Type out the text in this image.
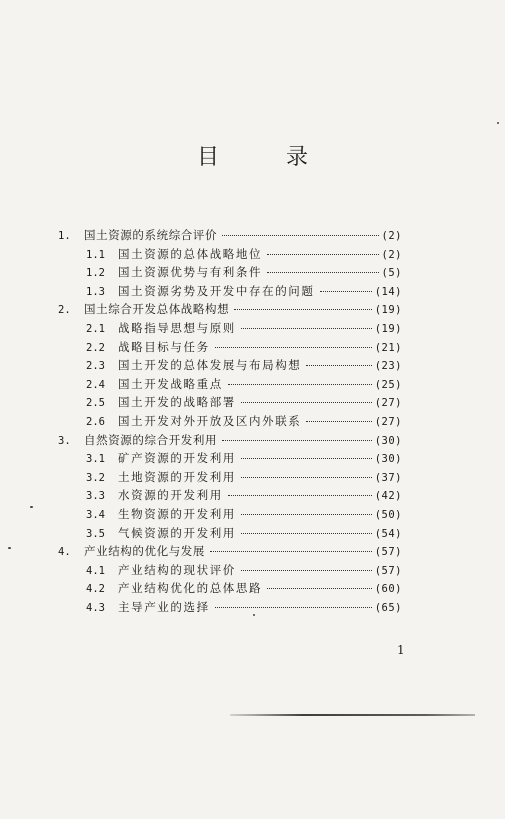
目 录
1.	国土资源的系统综合评价	(2)
1.1	国土资源的总体战略地位	(2)
1.2	国土资源优势与有利条件	(5)
1.3	国土资源劣势及开发中存在的问题	(14)
2.	国土综合开发总体战略构想	(19)
2.1	战略指导思想与原则	(19)
2.2	战略目标与任务	(21)
2.3	国土开发的总体发展与布局构想	(23)
2.4	国土开发战略重点	(25)
2.5	国土开发的战略部署	(27)
2.6	国土开发对外开放及区内外联系	(27)
3.	自然资源的综合开发利用	(30)
3.1	矿产资源的开发利用	(30)
3.2	土地资源的开发利用	(37)
3.3	水资源的开发利用	(42)
3.4	生物资源的开发利用	(50)
3.5	气候资源的开发利用	(54)
4.	产业结构的优化与发展	(57)
4.1	产业结构的现状评价	(57)
4.2	产业结构优化的总体思路	(60)
4.3	主导产业的选择	(65)
1
